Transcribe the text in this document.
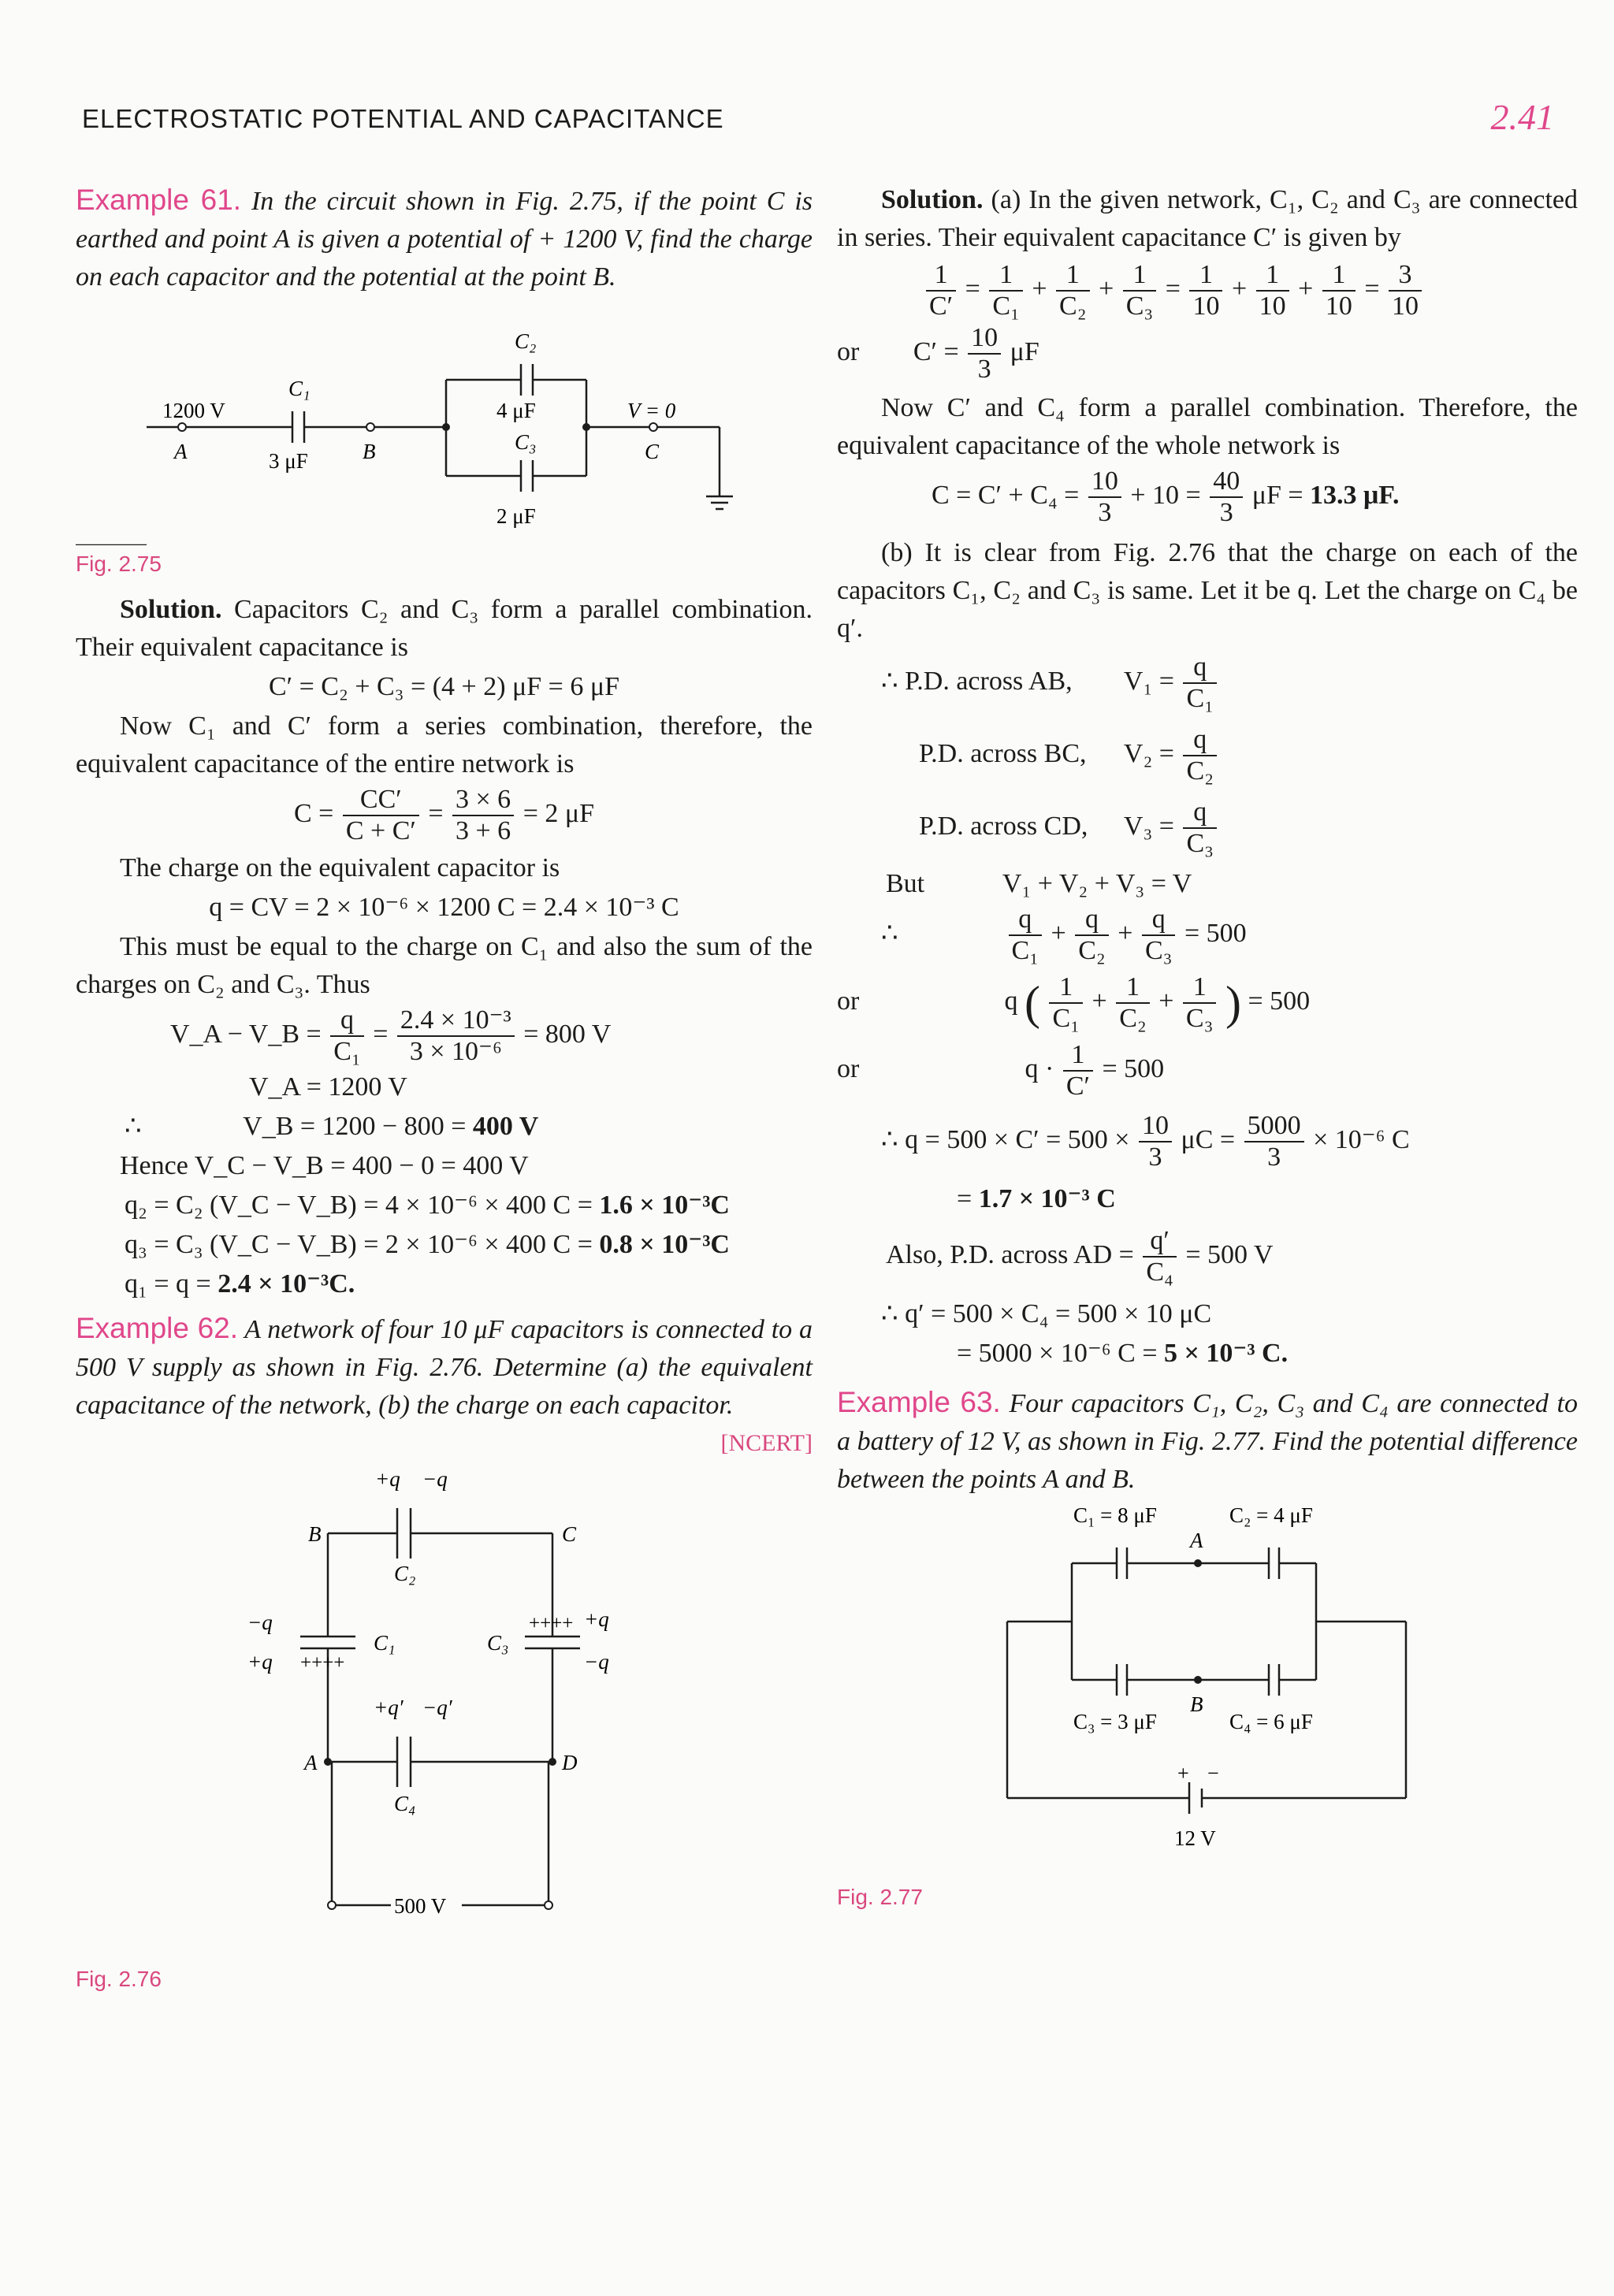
ELECTROSTATIC POTENTIAL AND CAPACITANCE	2.41

Example 61. In the circuit shown in Fig. 2.75, if the point C is earthed and point A is given a potential of + 1200 V, find the charge on each capacitor and the potential at the point B.

1200 V
A
C₁
3 μF	B
C₂
4 μF
C₃
2 μF
V = 0
C
Fig. 2.75

Solution. Capacitors C₂ and C₃ form a parallel combination. Their equivalent capacitance is

C′ = C₂ + C₃ = (4 + 2) μF = 6 μF

Now C₁ and C′ form a series combination, therefore, the equivalent capacitance of the entire network is

$C = \frac{CC'}{C + C'} = \frac{3 \times 6}{3 + 6} = 2$ μF

The charge on the equivalent capacitor is

q = CV = 2 × 10⁻⁶ × 1200 C = 2.4 × 10⁻³ C

This must be equal to the charge on C₁ and also the sum of the charges on C₂ and C₃. Thus

V_A − V_B = $\frac{q}{\text{C₁}} = \frac{\text{2.4 × 10⁻³}}{\text{3 × 10⁻⁶}} = 800$ V
V_A = 1200 V
∴	V_B = 1200 − 800 = 400 V
Hence V_C − V_B = 400 − 0 = 400 V
q₂ = C₂ (V_C − V_B) = 4 × 10⁻⁶ × 400 C = 1.6 × 10⁻³C
q₃ = C₃ (V_C − V_B) = 2 × 10⁻⁶ × 400 C = 0.8 × 10⁻³C
q₁ = q = 2.4 × 10⁻³C.

Example 62. A network of four 10 μF capacitors is connected to a 500 V supply as shown in Fig. 2.76. Determine (a) the equivalent capacitance of the network, (b) the charge on each capacitor.
[NCERT]

+q −q
B	C
C₂
−q
+q ++++
C₁	C₃
++++ +q
−q
+q′ −q′
A	D
C₄
500 V
Fig. 2.76

Solution. (a) In the given network, C₁, C₂ and C₃ are connected in series. Their equivalent capacitance C′ is given by

$\frac{1}{C'} = \frac{1}{\text{C₁}} + \frac{1}{\text{C₂}} + \frac{1}{\text{C₃}} = \frac{1}{10} + \frac{1}{10} + \frac{1}{10} = \frac{3}{10}$
or $C' = \frac{10}{3}$ μF

Now C′ and C₄ form a parallel combination. Therefore, the equivalent capacitance of the whole network is

$C = C' + C_4 = \frac{10}{3} + 10 = \frac{40}{3}$ μF = 13.3 μF.

(b) It is clear from Fig. 2.76 that the charge on each of the capacitors C₁, C₂ and C₃ is same. Let it be q. Let the charge on C₄ be q′.

∴ P.D. across AB, $V_1 = \frac{q}{\text{C₁}}$
P.D. across BC, $V_2 = \frac{q}{\text{C₂}}$
P.D. across CD, $V_3 = \frac{q}{\text{C₃}}$
But	V₁ + V₂ + V₃ = V
∴	$\frac{q}{\text{C₁}} + \frac{q}{\text{C₂}} + \frac{q}{\text{C₃}} = 500$
or	q ( $\frac{1}{\text{C₁}} + \frac{1}{\text{C₂}} + \frac{1}{\text{C₃}}$ ) = 500
or	$q \cdot \frac{1}{C'} = 500$
∴ $q = 500 \times C' = 500 \times \frac{10}{3}$ $\mu C = \frac{5000}{3} \times 10^{-6}$ C
= 1.7 × 10⁻³ C
Also, P.D. across AD = $\frac{q'}{\text{C₄}} = 500$ V
∴ q′ = 500 × C₄ = 500 × 10 μC
= 5000 × 10⁻⁶ C = 5 × 10⁻³ C.

Example 63. Four capacitors C₁, C₂, C₃ and C₄ are connected to a battery of 12 V, as shown in Fig. 2.77. Find the potential difference between the points A and B.

C₁ = 8 μF	C₂ = 4 μF
A
B
C₃ = 3 μF	C₄ = 6 μF
+ −
12 V
Fig. 2.77
